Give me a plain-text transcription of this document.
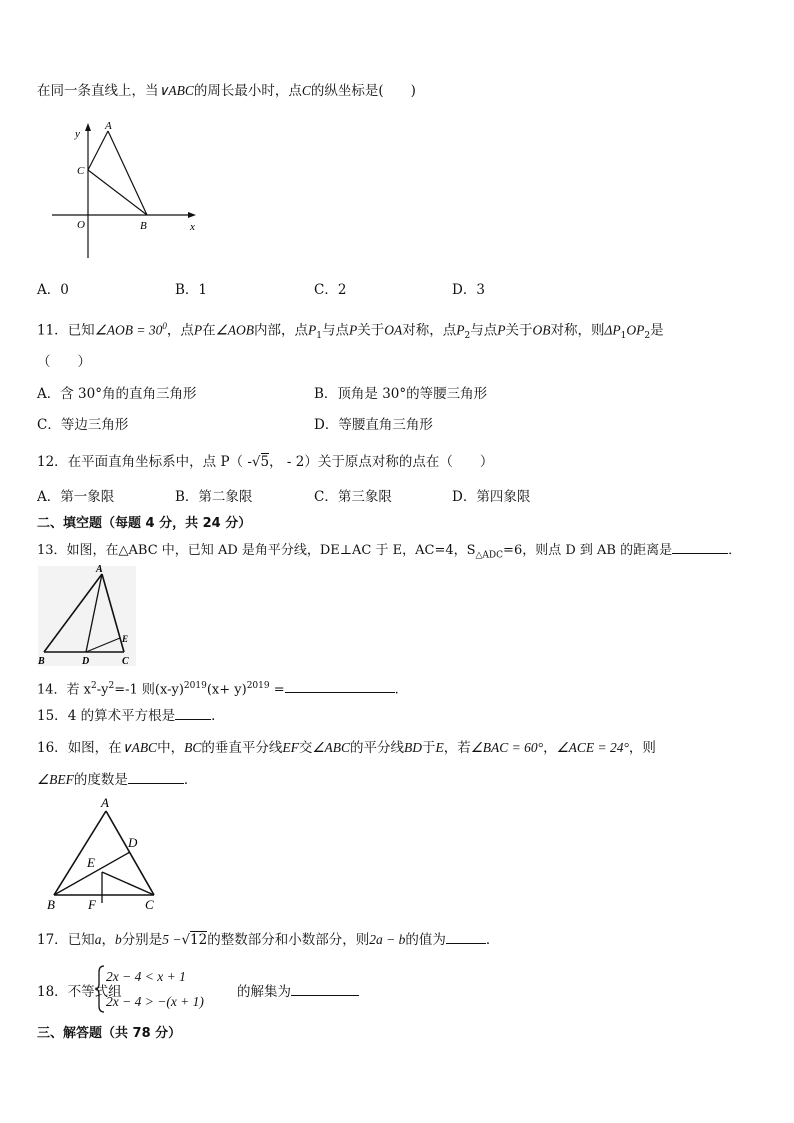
在同一条直线上，当∨ABC的周长最小时，点C的纵坐标是(　　)
y
A
C
O	B	x
A．0	B．1	C．2	D．3
11．已知∠AOB = $30^0$，点P在∠AOB内部，点$P_1$与点P关于OA对称，点$P_2$与点P关于OB对称，则$\Delta P_1OP_2$是
（　　）
A．含 30°角的直角三角形	B．顶角是 30°的等腰三角形
C．等边三角形	D．等腰直角三角形
12．在平面直角坐标系中，点 P（ -√5， - 2）关于原点对称的点在（　　）
A．第一象限	B．第二象限	C．第三象限	D．第四象限
二、填空题（每题 4 分，共 24 分）
13．如图，在△ABC 中，已知 AD 是角平分线，DE⊥AC 于 E，AC=4，$S_{\triangle ADC}=6$，则点 D 到 AB 的距离是	．
A
E
B	D	C
14．若 $x^2-y^2=-1$ 则$(x-y)^{2019}(x+ y)^{2019}$ =	.
15．4 的算术平方根是	．
16．如图，在∨ABC中，BC的垂直平分线EF交∠ABC的平分线BD于E，若∠BAC = 60°，∠ACE = 24°，则
∠BEF的度数是	．
A
D
E
B	F	C
17．已知a，b分别是5 −√12的整数部分和小数部分，则2a − b的值为	．
18．不等式组
2x − 4 < x + 1
2x − 4 > −(x + 1)
的解集为
三、解答题（共 78 分）
